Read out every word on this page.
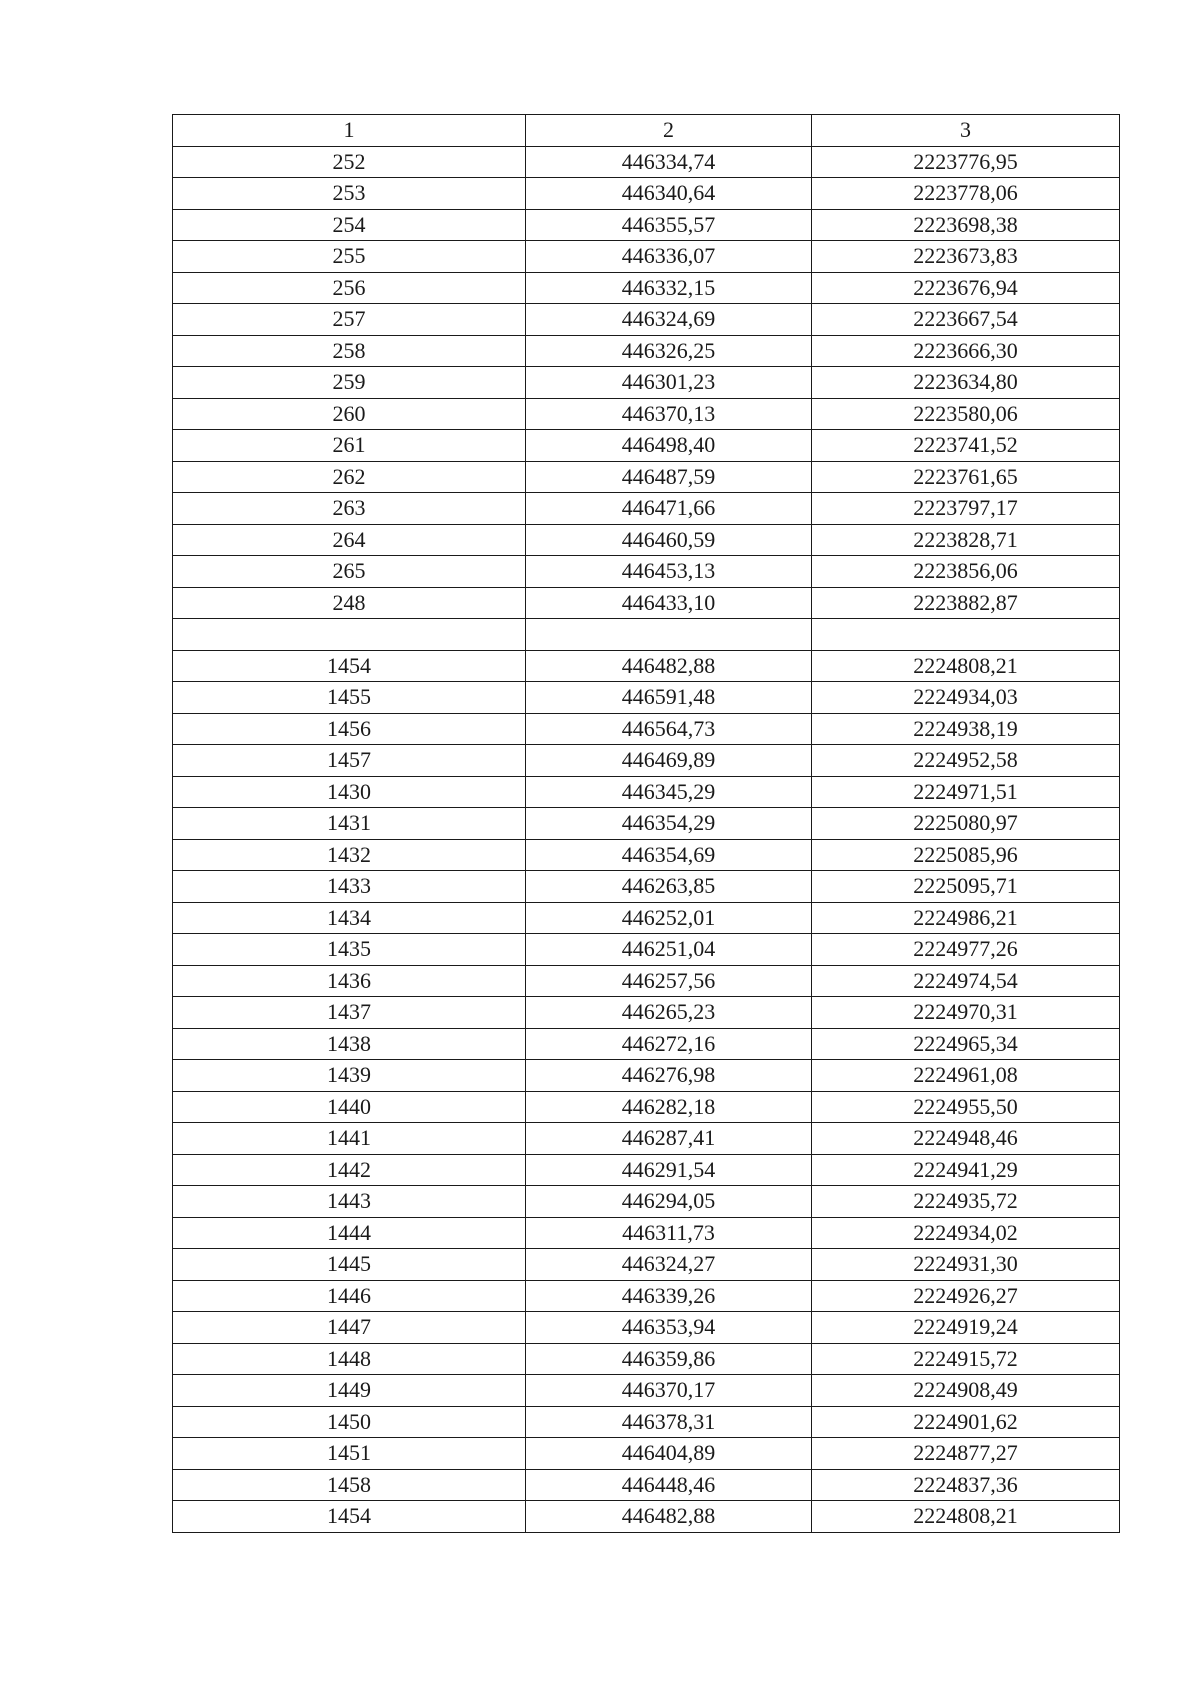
1	2	3
252	446334,74	2223776,95
253	446340,64	2223778,06
254	446355,57	2223698,38
255	446336,07	2223673,83
256	446332,15	2223676,94
257	446324,69	2223667,54
258	446326,25	2223666,30
259	446301,23	2223634,80
260	446370,13	2223580,06
261	446498,40	2223741,52
262	446487,59	2223761,65
263	446471,66	2223797,17
264	446460,59	2223828,71
265	446453,13	2223856,06
248	446433,10	2223882,87

1454	446482,88	2224808,21
1455	446591,48	2224934,03
1456	446564,73	2224938,19
1457	446469,89	2224952,58
1430	446345,29	2224971,51
1431	446354,29	2225080,97
1432	446354,69	2225085,96
1433	446263,85	2225095,71
1434	446252,01	2224986,21
1435	446251,04	2224977,26
1436	446257,56	2224974,54
1437	446265,23	2224970,31
1438	446272,16	2224965,34
1439	446276,98	2224961,08
1440	446282,18	2224955,50
1441	446287,41	2224948,46
1442	446291,54	2224941,29
1443	446294,05	2224935,72
1444	446311,73	2224934,02
1445	446324,27	2224931,30
1446	446339,26	2224926,27
1447	446353,94	2224919,24
1448	446359,86	2224915,72
1449	446370,17	2224908,49
1450	446378,31	2224901,62
1451	446404,89	2224877,27
1458	446448,46	2224837,36
1454	446482,88	2224808,21
